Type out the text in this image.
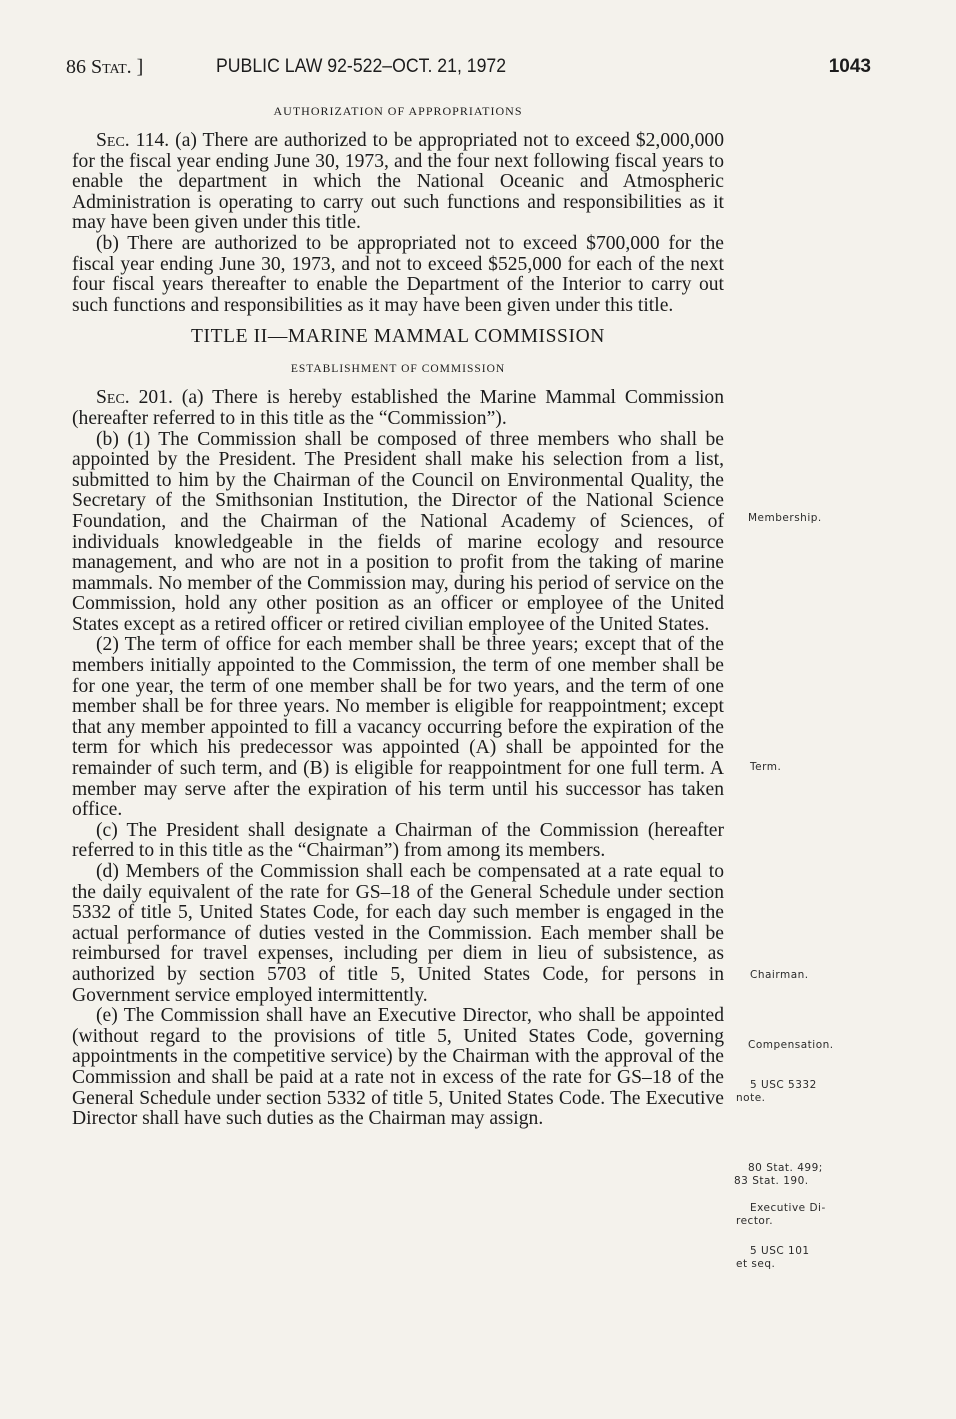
86 Stat. ]	PUBLIC LAW 92-522–OCT. 21, 1972	1043
AUTHORIZATION OF APPROPRIATIONS

Sec. 114. (a) There are authorized to be appropriated not to exceed $2,000,000 for the fiscal year ending June 30, 1973, and the four next following fiscal years to enable the department in which the National Oceanic and Atmospheric Administration is operating to carry out such functions and responsibilities as it may have been given under this title.

(b) There are authorized to be appropriated not to exceed $700,000 for the fiscal year ending June 30, 1973, and not to exceed $525,000 for each of the next four fiscal years thereafter to enable the Department of the Interior to carry out such functions and responsibilities as it may have been given under this title.

TITLE II—MARINE MAMMAL COMMISSION
ESTABLISHMENT OF COMMISSION

Sec. 201. (a) There is hereby established the Marine Mammal Commission (hereafter referred to in this title as the “Commission”).

(b) (1) The Commission shall be composed of three members who shall be appointed by the President. The President shall make his selection from a list, submitted to him by the Chairman of the Council on Environmental Quality, the Secretary of the Smithsonian Institution, the Director of the National Science Foundation, and the Chairman of the National Academy of Sciences, of individuals knowledgeable in the fields of marine ecology and resource management, and who are not in a position to profit from the taking of marine mammals. No member of the Commission may, during his period of service on the Commission, hold any other position as an officer or employee of the United States except as a retired officer or retired civilian employee of the United States.

(2) The term of office for each member shall be three years; except that of the members initially appointed to the Commission, the term of one member shall be for one year, the term of one member shall be for two years, and the term of one member shall be for three years. No member is eligible for reappointment; except that any member appointed to fill a vacancy occurring before the expiration of the term for which his predecessor was appointed (A) shall be appointed for the remainder of such term, and (B) is eligible for reappointment for one full term. A member may serve after the expiration of his term until his successor has taken office.

(c) The President shall designate a Chairman of the Commission (hereafter referred to in this title as the “Chairman”) from among its members.

(d) Members of the Commission shall each be compensated at a rate equal to the daily equivalent of the rate for GS–18 of the General Schedule under section 5332 of title 5, United States Code, for each day such member is engaged in the actual performance of duties vested in the Commission. Each member shall be reimbursed for travel expenses, including per diem in lieu of subsistence, as authorized by section 5703 of title 5, United States Code, for persons in Government service employed intermittently.

(e) The Commission shall have an Executive Director, who shall be appointed (without regard to the provisions of title 5, United States Code, governing appointments in the competitive service) by the Chairman with the approval of the Commission and shall be paid at a rate not in excess of the rate for GS–18 of the General Schedule under section 5332 of title 5, United States Code. The Executive Director shall have such duties as the Chairman may assign.

Membership.
Term.
Chairman.
Compensation.
5 USC 5332
note.
80 Stat. 499;
83 Stat. 190.
Executive Di-
rector.
5 USC 101
et seq.
